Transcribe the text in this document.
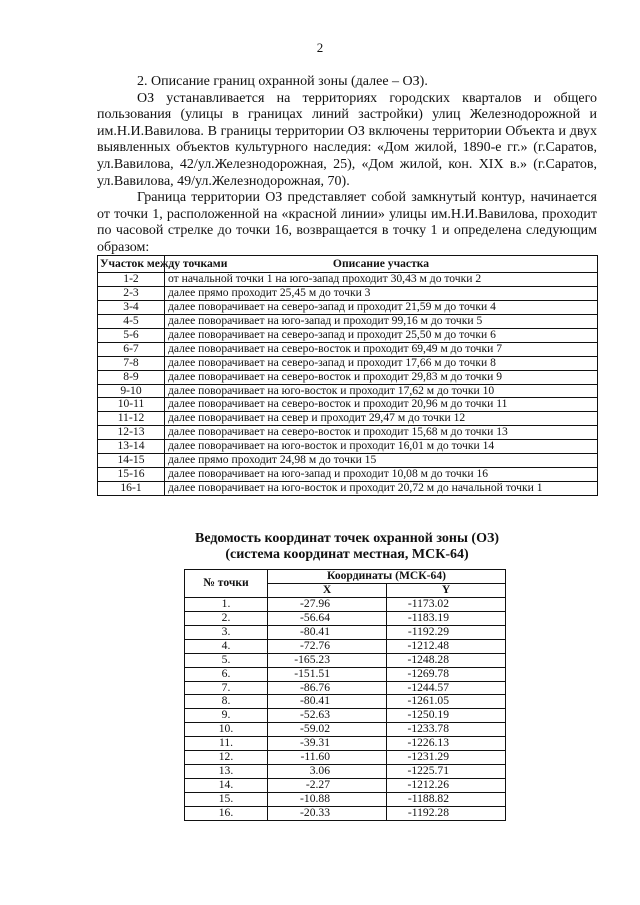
2

2. Описание границ охранной зоны (далее – ОЗ).

ОЗ устанавливается на территориях городских кварталов и общего пользования (улицы в границах линий застройки) улиц Железнодорожной и им.Н.И.Вавилова. В границы территории ОЗ включены территории Объекта и двух выявленных объектов культурного наследия: «Дом жилой, 1890-е гг.» (г.Саратов, ул.Вавилова, 42/ул.Железнодорожная, 25), «Дом жилой, кон. XIX в.» (г.Саратов, ул.Вавилова, 49/ул.Железнодорожная, 70).

Граница территории ОЗ представляет собой замкнутый контур, начинается от точки 1, расположенной на «красной линии» улицы им.Н.И.Вавилова, проходит по часовой стрелке до точки 16, возвращается в точку 1 и определена следующим образом:

Участок между точками	Описание участка
1-2	от начальной точки 1 на юго-запад проходит 30,43 м до точки 2
2-3	далее прямо проходит 25,45 м до точки 3
3-4	далее поворачивает на северо-запад и проходит 21,59 м до точки 4
4-5	далее поворачивает на юго-запад и проходит 99,16 м до точки 5
5-6	далее поворачивает на северо-запад и проходит 25,50 м до точки 6
6-7	далее поворачивает на северо-восток и проходит 69,49 м до точки 7
7-8	далее поворачивает на северо-запад и проходит 17,66 м до точки 8
8-9	далее поворачивает на северо-восток и проходит 29,83 м до точки 9
9-10	далее поворачивает на юго-восток и проходит 17,62 м до точки 10
10-11	далее поворачивает на северо-восток и проходит 20,96 м до точки 11
11-12	далее поворачивает на север и проходит 29,47 м до точки 12
12-13	далее поворачивает на северо-восток и проходит 15,68 м до точки 13
13-14	далее поворачивает на юго-восток и проходит 16,01 м до точки 14
14-15	далее прямо проходит 24,98 м до точки 15
15-16	далее поворачивает на юго-запад и проходит 10,08 м до точки 16
16-1	далее поворачивает на юго-восток и проходит 20,72 м до начальной точки 1
Ведомость координат точек охранной зоны (ОЗ)
(система координат местная, МСК-64)
№ точки	Координаты (МСК-64)	
	X	Y
1.	-27.96	-1173.02
2.	-56.64	-1183.19
3.	-80.41	-1192.29
4.	-72.76	-1212.48
5.	-165.23	-1248.28
6.	-151.51	-1269.78
7.	-86.76	-1244.57
8.	-80.41	-1261.05
9.	-52.63	-1250.19
10.	-59.02	-1233.78
11.	-39.31	-1226.13
12.	-11.60	-1231.29
13.	3.06	-1225.71
14.	-2.27	-1212.26
15.	-10.88	-1188.82
16.	-20.33	-1192.28
